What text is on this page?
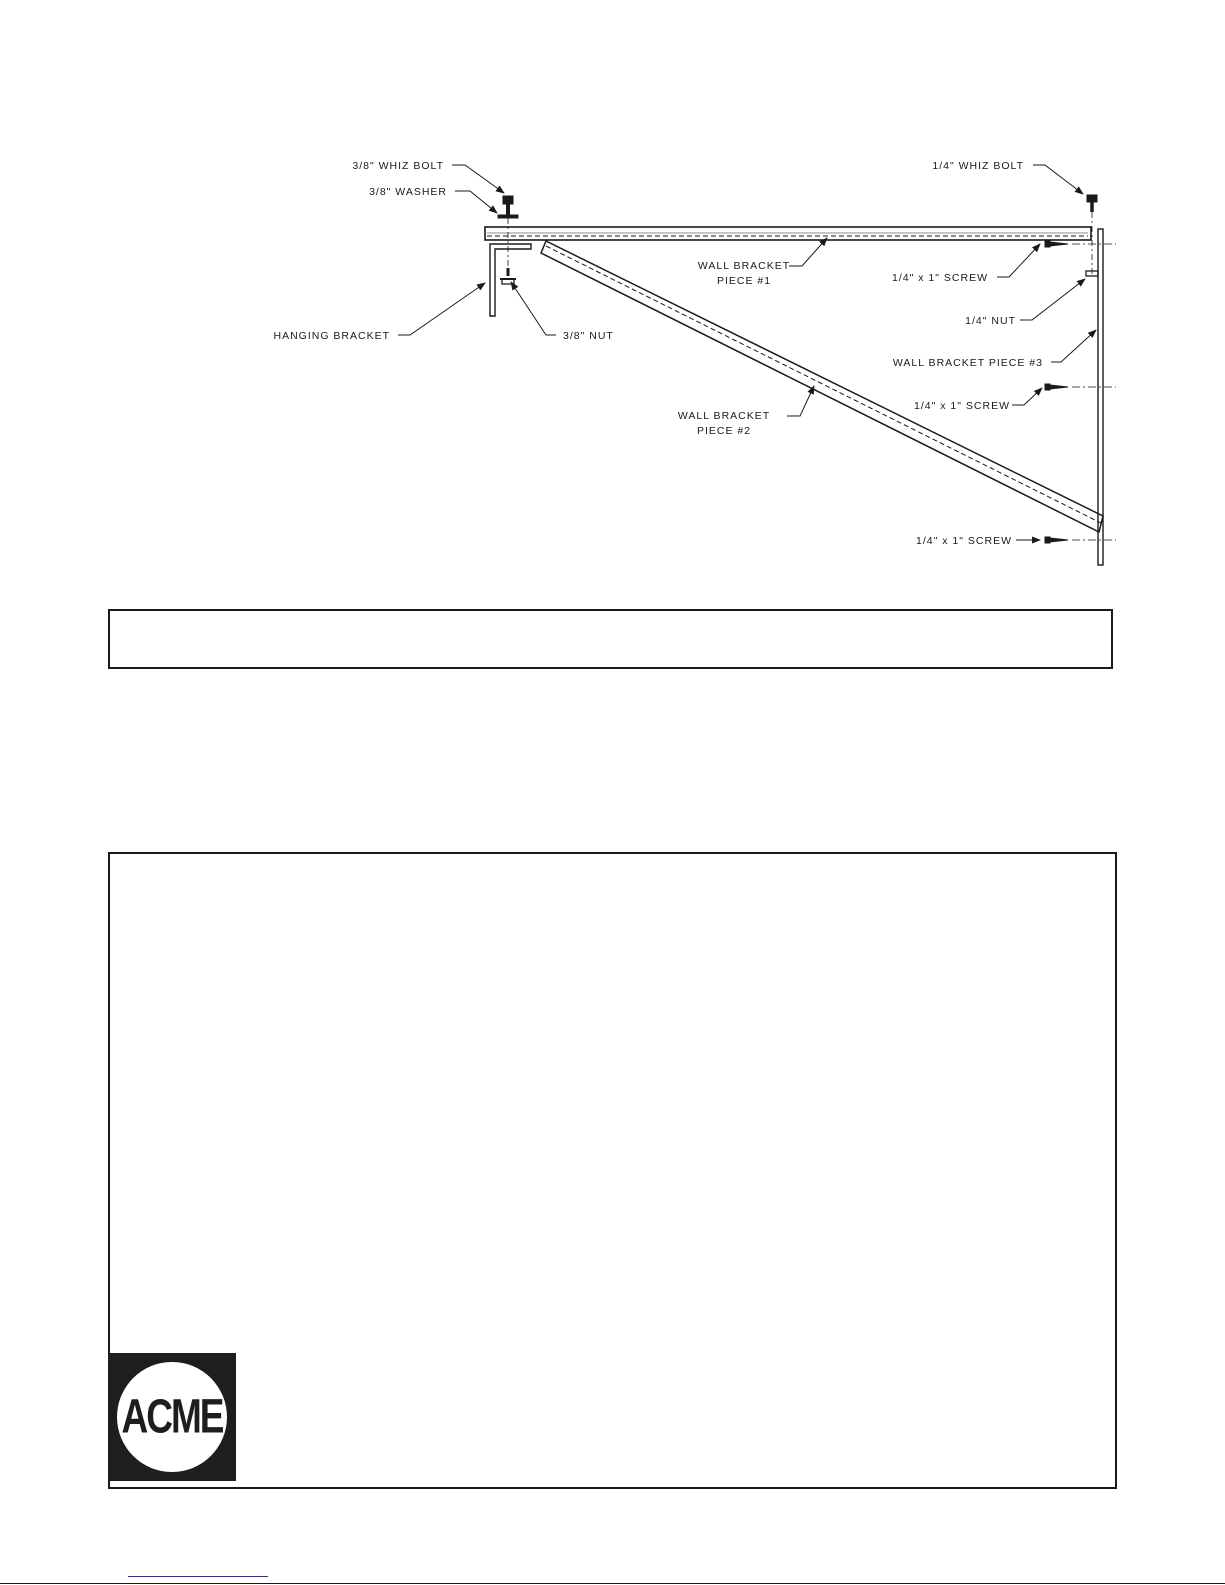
3/8" WHIZ BOLT
3/8" WASHER
HANGING BRACKET	3/8" NUT
WALL BRACKET
PIECE #1
WALL BRACKET
PIECE #2
1/4" WHIZ BOLT
1/4" x 1" SCREW
1/4" NUT
WALL BRACKET PIECE #3
1/4" x 1" SCREW
1/4" x 1" SCREW
ACME
